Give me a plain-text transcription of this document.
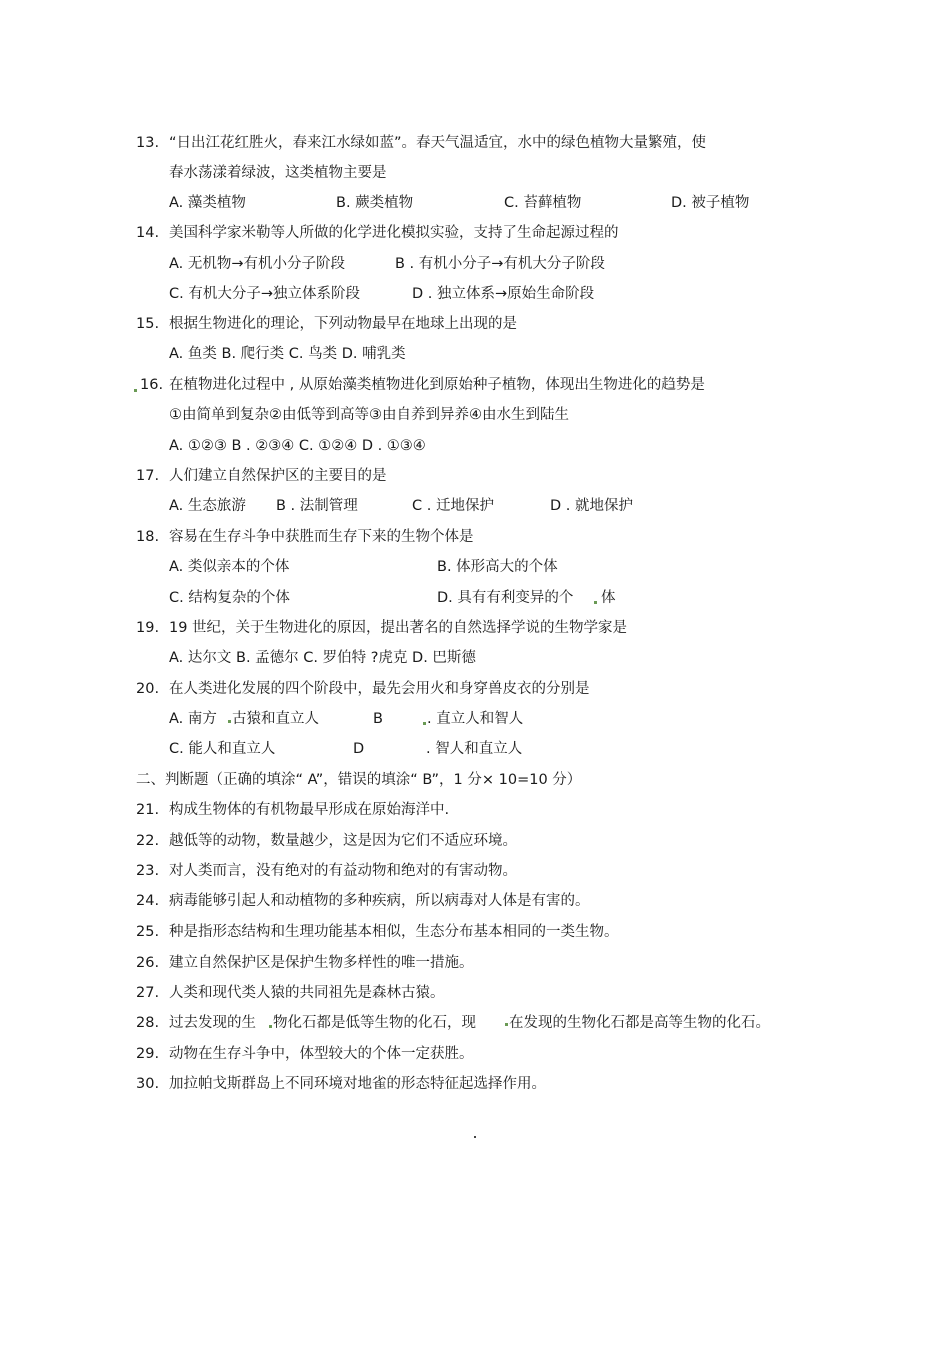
13. “日出江花红胜火，春来江水绿如蓝”。春天气温适宜，水中的绿色植物大量繁殖，使
春水荡漾着绿波，这类植物主要是
A. 藻类植物	B. 蕨类植物	C. 苔藓植物	D. 被子植物
14. 美国科学家米勒等人所做的化学进化模拟实验，支持了生命起源过程的
A. 无机物→有机小分子阶段	B . 有机小分子→有机大分子阶段
C. 有机大分子→独立体系阶段	D . 独立体系→原始生命阶段
15. 根据生物进化的理论，下列动物最早在地球上出现的是
A. 鱼类 B. 爬行类 C. 鸟类 D. 哺乳类
16. 在植物进化过程中 , 从原始藻类植物进化到原始种子植物，体现出生物进化的趋势是
①由简单到复杂②由低等到高等③由自养到异养④由水生到陆生
A. ①②③ B . ②③④ C. ①②④ D . ①③④
17. 人们建立自然保护区的主要目的是
A. 生态旅游 B . 法制管理	C . 迁地保护	D . 就地保护
18. 容易在生存斗争中获胜而生存下来的生物个体是
A. 类似亲本的个体	B. 体形高大的个体
C. 结构复杂的个体	D. 具有有利变异的个 体
19. 19 世纪，关于生物进化的原因，提出著名的自然选择学说的生物学家是
A. 达尔文 B. 孟德尔 C. 罗伯特 ?虎克 D. 巴斯德
20. 在人类进化发展的四个阶段中，最先会用火和身穿兽皮衣的分别是
A. 南方 古猿和直立人	B	. 直立人和智人
C. 能人和直立人	D	. 智人和直立人
二、判断题（正确的填涂“ A”，错误的填涂“ B”，1 分× 10=10 分）
21. 构成生物体的有机物最早形成在原始海洋中.
22. 越低等的动物，数量越少，这是因为它们不适应环境。
23. 对人类而言，没有绝对的有益动物和绝对的有害动物。
24. 病毒能够引起人和动植物的多种疾病，所以病毒对人体是有害的。
25. 种是指形态结构和生理功能基本相似，生态分布基本相同的一类生物。
26. 建立自然保护区是保护生物多样性的唯一措施。
27. 人类和现代类人猿的共同祖先是森林古猿。
28. 过去发现的生 物化石都是低等生物的化石，现 在发现的生物化石都是高等生物的化石。
29. 动物在生存斗争中，体型较大的个体一定获胜。
30. 加拉帕戈斯群岛上不同环境对地雀的形态特征起选择作用。
